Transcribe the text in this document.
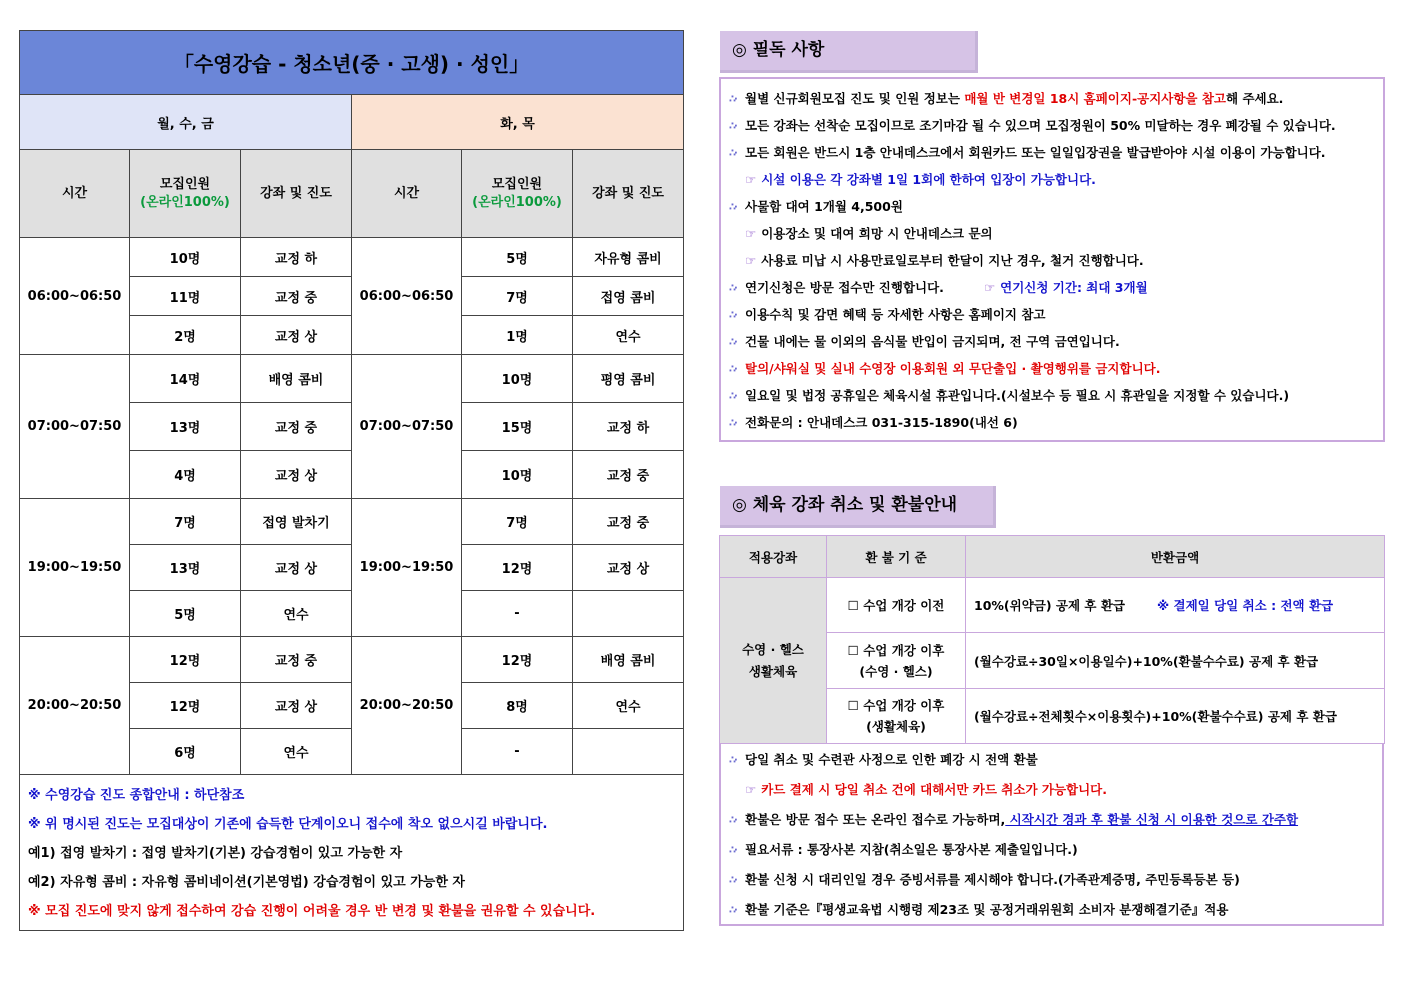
「수영강습 - 청소년(중 · 고생) · 성인」					
월, 수, 금			화, 목		
시간	모집인원
(온라인100%)	강좌 및 진도	시간	모집인원
(온라인100%)	강좌 및 진도
06:00~06:50	10명	교정 하	06:00~06:50	5명	자유형 콤비
	11명	교정 중		7명	접영 콤비
	2명	교정 상		1명	연수
07:00~07:50	14명	배영 콤비	07:00~07:50	10명	평영 콤비
	13명	교정 중		15명	교정 하
	4명	교정 상		10명	교정 중
19:00~19:50	7명	접영 발차기	19:00~19:50	7명	교정 중
	13명	교정 상		12명	교정 상
	5명	연수		-	
20:00~20:50	12명	교정 중	20:00~20:50	12명	배영 콤비
	12명	교정 상		8명	연수
	6명	연수		-	

※ 수영강습 진도 종합안내 : 하단참조
※ 위 명시된 진도는 모집대상이 기존에 습득한 단계이오니 접수에 착오 없으시길 바랍니다.
예1) 접영 발차기 : 접영 발차기(기본) 강습경험이 있고 가능한 자
예2) 자유형 콤비 : 자유형 콤비네이션(기본영법) 강습경험이 있고 가능한 자
※ 모집 진도에 맞지 않게 접수하여 강습 진행이 어려울 경우 반 변경 및 환불을 권유할 수 있습니다.					
◎ 필독 사항
∴· 월별 신규회원모집 진도 및 인원 정보는 매월 반 변경일 18시 홈페이지-공지사항을 참고해 주세요.
∴· 모든 강좌는 선착순 모집이므로 조기마감 될 수 있으며 모집정원이 50% 미달하는 경우 폐강될 수 있습니다.
∴· 모든 회원은 반드시 1층 안내데스크에서 회원카드 또는 일일입장권을 발급받아야 시설 이용이 가능합니다.
☞ 시설 이용은 각 강좌별 1일 1회에 한하여 입장이 가능합니다.
∴· 사물함 대여 1개월 4,500원
☞ 이용장소 및 대여 희망 시 안내데스크 문의
☞ 사용료 미납 시 사용만료일로부터 한달이 지난 경우, 철거 진행합니다.
∴· 연기신청은 방문 접수만 진행합니다.	☞ 연기신청 기간: 최대 3개월
∴· 이용수칙 및 감면 혜택 등 자세한 사항은 홈페이지 참고
∴· 건물 내에는 물 이외의 음식물 반입이 금지되며, 전 구역 금연입니다.
∴· 탈의/샤워실 및 실내 수영장 이용회원 외 무단출입 · 촬영행위를 금지합니다.
∴· 일요일 및 법정 공휴일은 체육시설 휴관입니다.(시설보수 등 필요 시 휴관일을 지정할 수 있습니다.)
∴· 전화문의 : 안내데스크 031-315-1890(내선 6)
◎ 체육 강좌 취소 및 환불안내
적용강좌	환 불 기 준	반환금액
수영 · 헬스
생활체육	☐ 수업 개강 이전	10%(위약금) 공제 후 환급 ※ 결제일 당일 취소 : 전액 환급
	☐ 수업 개강 이후
(수영 · 헬스)	(월수강료÷30일×이용일수)+10%(환불수수료) 공제 후 환급
	☐ 수업 개강 이후
(생활체육)	(월수강료÷전체횟수×이용횟수)+10%(환불수수료) 공제 후 환급
∴· 당일 취소 및 수련관 사정으로 인한 폐강 시 전액 환불
☞ 카드 결제 시 당일 취소 건에 대해서만 카드 취소가 가능합니다.
∴· 환불은 방문 접수 또는 온라인 접수로 가능하며, 시작시간 경과 후 환불 신청 시 이용한 것으로 간주함
∴· 필요서류 : 통장사본 지참(취소일은 통장사본 제출일입니다.)
∴· 환불 신청 시 대리인일 경우 증빙서류를 제시해야 합니다.(가족관계증명, 주민등록등본 등)
∴· 환불 기준은『평생교육법 시행령 제23조 및 공정거래위원회 소비자 분쟁해결기준』적용
